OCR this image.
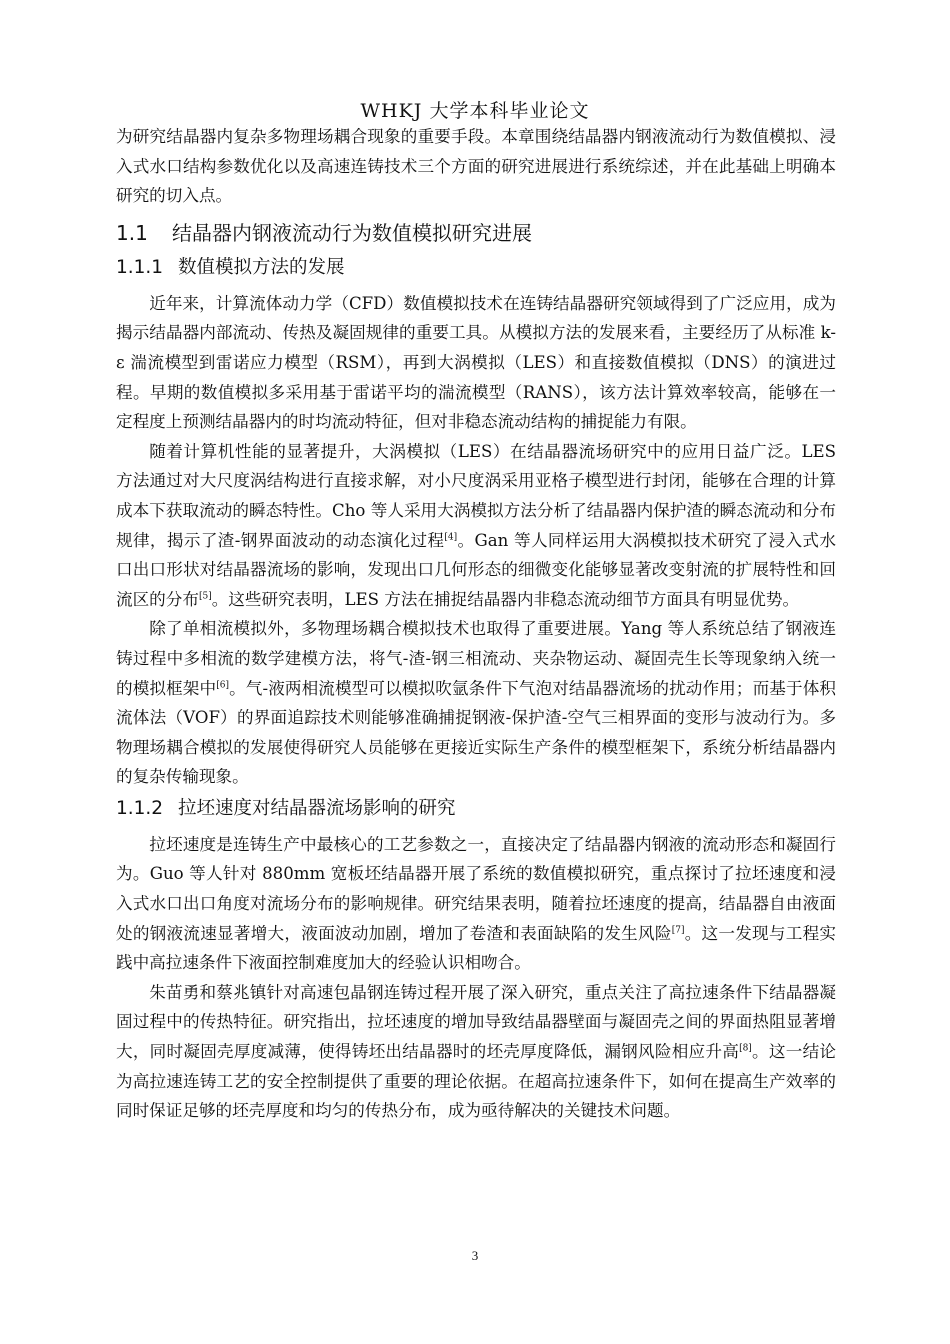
WHKJ 大学本科毕业论文

为研究结晶器内复杂多物理场耦合现象的重要手段。本章围绕结晶器内钢液流动行为数值模拟、浸入式水口结构参数优化以及高速连铸技术三个方面的研究进展进行系统综述，并在此基础上明确本研究的切入点。

1.1 结晶器内钢液流动行为数值模拟研究进展
1.1.1 数值模拟方法的发展

近年来，计算流体动力学（CFD）数值模拟技术在连铸结晶器研究领域得到了广泛应用，成为揭示结晶器内部流动、传热及凝固规律的重要工具。从模拟方法的发展来看，主要经历了从标准 k-ε 湍流模型到雷诺应力模型（RSM），再到大涡模拟（LES）和直接数值模拟（DNS）的演进过程。早期的数值模拟多采用基于雷诺平均的湍流模型（RANS），该方法计算效率较高，能够在一定程度上预测结晶器内的时均流动特征，但对非稳态流动结构的捕捉能力有限。

随着计算机性能的显著提升，大涡模拟（LES）在结晶器流场研究中的应用日益广泛。LES 方法通过对大尺度涡结构进行直接求解，对小尺度涡采用亚格子模型进行封闭，能够在合理的计算成本下获取流动的瞬态特性。Cho 等人采用大涡模拟方法分析了结晶器内保护渣的瞬态流动和分布规律，揭示了渣-钢界面波动的动态演化过程[4]。Gan 等人同样运用大涡模拟技术研究了浸入式水口出口形状对结晶器流场的影响，发现出口几何形态的细微变化能够显著改变射流的扩展特性和回流区的分布[5]。这些研究表明，LES 方法在捕捉结晶器内非稳态流动细节方面具有明显优势。

除了单相流模拟外，多物理场耦合模拟技术也取得了重要进展。Yang 等人系统总结了钢液连铸过程中多相流的数学建模方法，将气-渣-钢三相流动、夹杂物运动、凝固壳生长等现象纳入统一的模拟框架中[6]。气-液两相流模型可以模拟吹氩条件下气泡对结晶器流场的扰动作用；而基于体积流体法（VOF）的界面追踪技术则能够准确捕捉钢液-保护渣-空气三相界面的变形与波动行为。多物理场耦合模拟的发展使得研究人员能够在更接近实际生产条件的模型框架下，系统分析结晶器内的复杂传输现象。

1.1.2 拉坯速度对结晶器流场影响的研究

拉坯速度是连铸生产中最核心的工艺参数之一，直接决定了结晶器内钢液的流动形态和凝固行为。Guo 等人针对 880mm 宽板坯结晶器开展了系统的数值模拟研究，重点探讨了拉坯速度和浸入式水口出口角度对流场分布的影响规律。研究结果表明，随着拉坯速度的提高，结晶器自由液面处的钢液流速显著增大，液面波动加剧，增加了卷渣和表面缺陷的发生风险[7]。这一发现与工程实践中高拉速条件下液面控制难度加大的经验认识相吻合。

朱苗勇和蔡兆镇针对高速包晶钢连铸过程开展了深入研究，重点关注了高拉速条件下结晶器凝固过程中的传热特征。研究指出，拉坯速度的增加导致结晶器壁面与凝固壳之间的界面热阻显著增大，同时凝固壳厚度减薄，使得铸坯出结晶器时的坯壳厚度降低，漏钢风险相应升高[8]。这一结论为高拉速连铸工艺的安全控制提供了重要的理论依据。在超高拉速条件下，如何在提高生产效率的同时保证足够的坯壳厚度和均匀的传热分布，成为亟待解决的关键技术问题。

3
